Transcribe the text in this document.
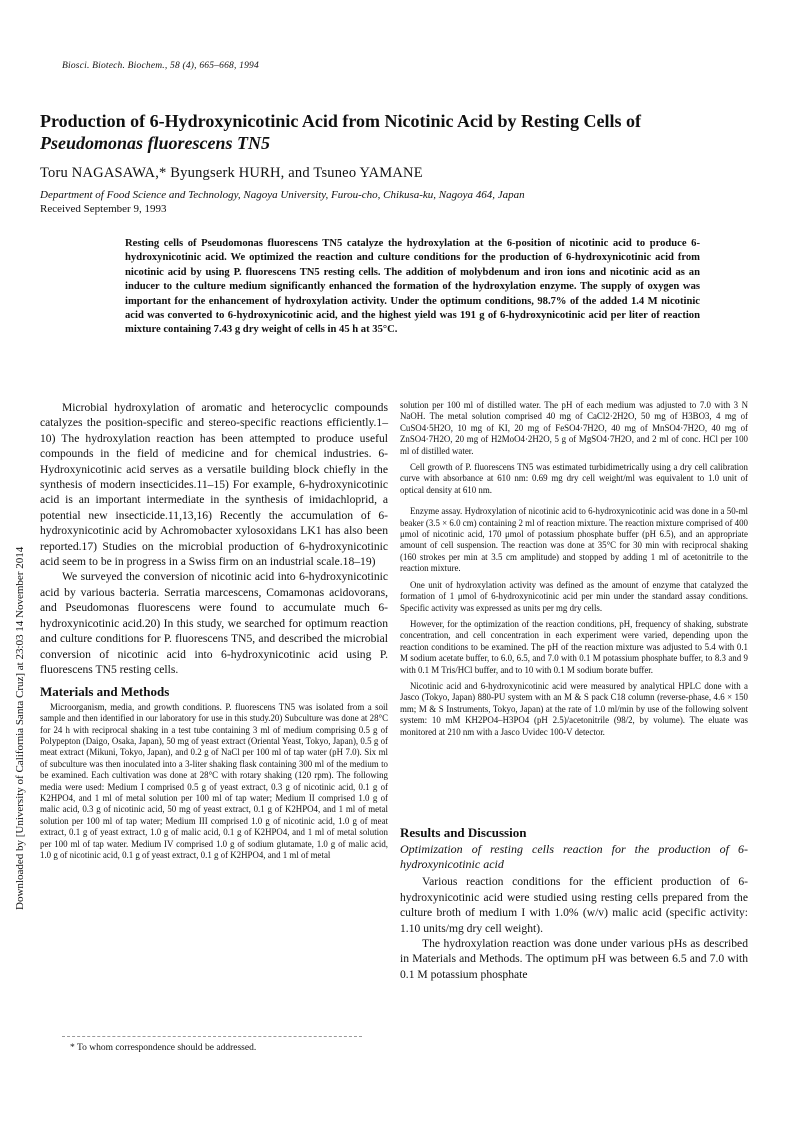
Biosci. Biotech. Biochem., 58 (4), 665–668, 1994
Production of 6-Hydroxynicotinic Acid from Nicotinic Acid by Resting Cells of
Pseudomonas fluorescens TN5
Toru NAGASAWA,* Byungserk HURH, and Tsuneo YAMANE
Department of Food Science and Technology, Nagoya University, Furou-cho, Chikusa-ku, Nagoya 464, Japan
Received September 9, 1993
Resting cells of Pseudomonas fluorescens TN5 catalyze the hydroxylation at the 6-position of nicotinic acid to produce 6-hydroxynicotinic acid. We optimized the reaction and culture conditions for the production of 6-hydroxynicotinic acid from nicotinic acid by using P. fluorescens TN5 resting cells. The addition of molybdenum and iron ions and nicotinic acid as an inducer to the culture medium significantly enhanced the formation of the hydroxylation enzyme. The supply of oxygen was important for the enhancement of hydroxylation activity. Under the optimum conditions, 98.7% of the added 1.4 M nicotinic acid was converted to 6-hydroxynicotinic acid, and the highest yield was 191 g of 6-hydroxynicotinic acid per liter of reaction mixture containing 7.43 g dry weight of cells in 45 h at 35°C.
Downloaded by [University of California Santa Cruz] at 23:03 14 November 2014

Microbial hydroxylation of aromatic and heterocyclic compounds catalyzes the position-specific and stereo-specific reactions efficiently.1–10) The hydroxylation reaction has been attempted to produce useful compounds in the field of medicine and for chemical industries. 6-Hydroxynicotinic acid serves as a versatile building block chiefly in the synthesis of modern insecticides.11–15) For example, 6-hydroxynicotinic acid is an important intermediate in the synthesis of imidachloprid, a potential new insecticide.11,13,16) Recently the accumulation of 6-hydroxynicotinic acid by Achromobacter xylosoxidans LK1 has also been reported.17) Studies on the microbial production of 6-hydroxynicotinic acid seem to be in progress in a Swiss firm on an industrial scale.18–19)

We surveyed the conversion of nicotinic acid into 6-hydroxynicotinic acid by various bacteria. Serratia marcescens, Comamonas acidovorans, and Pseudomonas fluorescens were found to accumulate much 6-hydroxynicotinic acid.20) In this study, we searched for optimum reaction and culture conditions for P. fluorescens TN5, and described the microbial conversion of nicotinic acid into 6-hydroxynicotinic acid using P. fluorescens TN5 resting cells.

Materials and Methods

Microorganism, media, and growth conditions. P. fluorescens TN5 was isolated from a soil sample and then identified in our laboratory for use in this study.20) Subculture was done at 28°C for 24 h with reciprocal shaking in a test tube containing 3 ml of medium comprising 0.5 g of Polypepton (Daigo, Osaka, Japan), 50 mg of yeast extract (Oriental Yeast, Tokyo, Japan), 0.5 g of meat extract (Mikuni, Tokyo, Japan), and 0.2 g of NaCl per 100 ml of tap water (pH 7.0). Six ml of subculture was then inoculated into a 3-liter shaking flask containing 300 ml of the medium to be examined. Each cultivation was done at 28°C with rotary shaking (120 rpm). The following media were used: Medium I comprised 0.5 g of yeast extract, 0.3 g of nicotinic acid, 0.1 g of K2HPO4, and 1 ml of metal solution per 100 ml of tap water; Medium II comprised 1.0 g of malic acid, 0.3 g of nicotinic acid, 50 mg of yeast extract, 0.1 g of K2HPO4, and 1 ml of metal solution per 100 ml of tap water; Medium III comprised 1.0 g of nicotinic acid, 1.0 g of meat extract, 0.1 g of yeast extract, 1.0 g of malic acid, 0.1 g of K2HPO4, and 1 ml of metal solution per 100 ml of tap water. Medium IV comprised 1.0 g of sodium glutamate, 1.0 g of malic acid, 1.0 g of nicotinic acid, 0.1 g of yeast extract, 0.1 g of K2HPO4, and 1 ml of metal

solution per 100 ml of distilled water. The pH of each medium was adjusted to 7.0 with 3 N NaOH. The metal solution comprised 40 mg of CaCl2·2H2O, 50 mg of H3BO3, 4 mg of CuSO4·5H2O, 10 mg of KI, 20 mg of FeSO4·7H2O, 40 mg of MnSO4·7H2O, 40 mg of ZnSO4·7H2O, 20 mg of H2MoO4·2H2O, 5 g of MgSO4·7H2O, and 2 ml of conc. HCl per 100 ml of distilled water.

Cell growth of P. fluorescens TN5 was estimated turbidimetrically using a dry cell calibration curve with absorbance at 610 nm: 0.69 mg dry cell weight/ml was equivalent to 1.0 unit of optical density at 610 nm.

Enzyme assay. Hydroxylation of nicotinic acid to 6-hydroxynicotinic acid was done in a 50-ml beaker (3.5 × 6.0 cm) containing 2 ml of reaction mixture. The reaction mixture comprised of 400 μmol of nicotinic acid, 170 μmol of potassium phosphate buffer (pH 6.5), and an appropriate amount of cell suspension. The reaction was done at 35°C for 30 min with reciprocal shaking (160 strokes per min at 3.5 cm amplitude) and stopped by adding 1 ml of acetonitrile to the reaction mixture.

One unit of hydroxylation activity was defined as the amount of enzyme that catalyzed the formation of 1 μmol of 6-hydroxynicotinic acid per min under the standard assay conditions. Specific activity was expressed as units per mg dry cells.

However, for the optimization of the reaction conditions, pH, frequency of shaking, substrate concentration, and cell concentration in each experiment were varied, depending upon the reaction conditions to be examined. The pH of the reaction mixture was adjusted to 5.4 with 0.1 M sodium acetate buffer, to 6.0, 6.5, and 7.0 with 0.1 M potassium phosphate buffer, to 8.3 and 9 with 0.1 M Tris/HCl buffer, and to 10 with 0.1 M sodium borate buffer.

Nicotinic acid and 6-hydroxynicotinic acid were measured by analytical HPLC done with a Jasco (Tokyo, Japan) 880-PU system with an M & S pack C18 column (reverse-phase, 4.6 × 150 mm; M & S Instruments, Tokyo, Japan) at the rate of 1.0 ml/min by use of the following solvent system: 10 mM KH2PO4–H3PO4 (pH 2.5)/acetonitrile (98/2, by volume). The eluate was monitored at 210 nm with a Jasco Uvidec 100-V detector.

Results and Discussion
Optimization of resting cells reaction for the production of 6-hydroxynicotinic acid

Various reaction conditions for the efficient production of 6-hydroxynicotinic acid were studied using resting cells prepared from the culture broth of medium I with 1.0% (w/v) malic acid (specific activity: 1.10 units/mg dry cell weight).

The hydroxylation reaction was done under various pHs as described in Materials and Methods. The optimum pH was between 6.5 and 7.0 with 0.1 M potassium phosphate

* To whom correspondence should be addressed.
